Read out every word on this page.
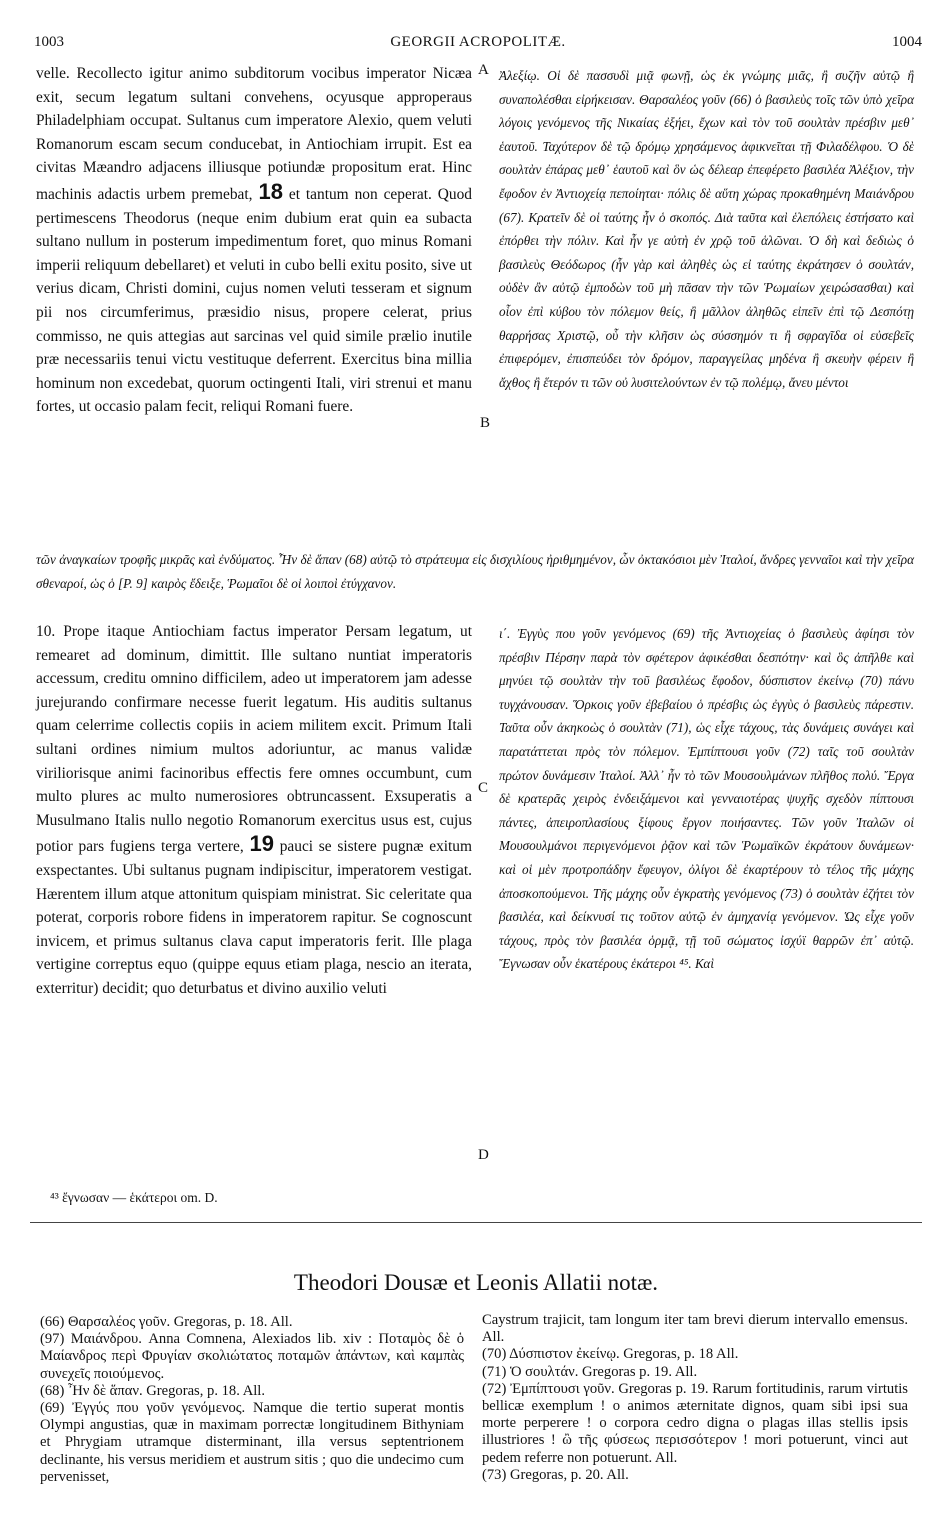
1003	GEORGII ACROPOLITÆ.	1004
velle. Recollecto igitur animo subditorum vocibus imperator Nicæa exit, secum legatum sultani convehens, ocyusque approperaus Philadelphiam occupat. Sultanus cum imperatore Alexio, quem veluti Romanorum escam secum conducebat, in Antiochiam irrupit. Est ea civitas Mæandro adjacens illiusque potiundæ propositum erat. Hinc machinis adactis urbem premebat, 18 et tantum non ceperat. Quod pertimescens Theodorus (neque enim dubium erat quin ea subacta sultano nullum in posterum impedimentum foret, quo minus Romani imperii reliquum debellaret) et veluti in cubo belli exitu posito, sive ut verius dicam, Christi domini, cujus nomen veluti tesseram et signum pii nos circumferimus, præsidio nisus, propere celerat, prius commisso, ne quis attegias aut sarcinas vel quid simile prælio inutile præ necessariis tenui victu vestituque deferrent. Exercitus bina millia hominum non excedebat, quorum octingenti Itali, viri strenui et manu fortes, ut occasio palam fecit, reliqui Romani fuere.
Ἀλεξίῳ. Οἱ δὲ πασσυδὶ μιᾷ φωνῇ, ὡς ἐκ γνώμης μιᾶς, ἢ συζῆν αὐτῷ ἢ συναπολέσθαι εἰρήκεισαν. Θαρσαλέος γοῦν (66) ὁ βασιλεὺς τοῖς τῶν ὑπὸ χεῖρα λόγοις γενόμενος τῆς Νικαίας ἐξήει, ἔχων καὶ τὸν τοῦ σουλτὰν πρέσβιν μεθ᾽ ἑαυτοῦ. Ταχύτερον δὲ τῷ δρόμῳ χρησάμενος ἀφικνεῖται τῇ Φιλαδέλφου. Ὁ δὲ σουλτὰν ἐπάρας μεθ᾽ ἑαυτοῦ καὶ ὃν ὡς δέλεαρ ἐπεφέρετο βασιλέα Ἀλέξιον, τὴν ἔφοδον ἐν Ἀντιοχείᾳ πεποίηται· πόλις δὲ αὕτη χώρας προκαθημένη Μαιάνδρου (67). Κρατεῖν δὲ οἱ ταύτης ἦν ὁ σκοπός. Διὰ ταῦτα καὶ ἑλεπόλεις ἐστήσατο καὶ ἐπόρθει τὴν πόλιν. Καὶ ἦν γε αὐτὴ ἐν χρῷ τοῦ ἁλῶναι. Ὁ δὴ καὶ δεδιὼς ὁ βασιλεὺς Θεόδωρος (ἦν γὰρ καὶ ἀληθὲς ὡς εἰ ταύτης ἐκράτησεν ὁ σουλτάν, οὐδὲν ἂν αὐτῷ ἐμποδὼν τοῦ μὴ πᾶσαν τὴν τῶν Ῥωμαίων χειρώσασθαι) καὶ οἷον ἐπὶ κύβου τὸν πόλεμον θείς, ἢ μᾶλλον ἀληθῶς εἰπεῖν ἐπὶ τῷ Δεσπότῃ θαρρήσας Χριστῷ, οὗ τὴν κλῆσιν ὡς σύσσημόν τι ἢ σφραγῖδα οἱ εὐσεβεῖς ἐπιφερόμεν, ἐπισπεύδει τὸν δρόμον, παραγγείλας μηδένα ἢ σκευὴν φέρειν ἢ ἄχθος ἢ ἕτερόν τι τῶν οὐ λυσιτελούντων ἐν τῷ πολέμῳ, ἄνευ μέντοι
τῶν ἀναγκαίων τροφῆς μικρᾶς καὶ ἐνδύματος. Ἦν δὲ ἅπαν (68) αὐτῷ τὸ στράτευμα εἰς δισχιλίους ἠριθμημένον, ὧν ὀκτακόσιοι μὲν Ἰταλοί, ἄνδρες γενναῖοι καὶ τὴν χεῖρα σθεναροί, ὡς ὁ [P. 9] καιρὸς ἔδειξε, Ῥωμαῖοι δὲ οἱ λοιποὶ ἐτύγχανον.
10. Prope itaque Antiochiam factus imperator Persam legatum, ut remearet ad dominum, dimittit. Ille sultano nuntiat imperatoris accessum, creditu omnino difficilem, adeo ut imperatorem jam adesse jurejurando confirmare necesse fuerit legatum. His auditis sultanus quam celerrime collectis copiis in aciem militem excit. Primum Itali sultani ordines nimium multos adoriuntur, ac manus validæ viriliorisque animi facinoribus effectis fere omnes occumbunt, cum multo plures ac multo numerosiores obtruncassent. Exsuperatis a Musulmano Italis nullo negotio Romanorum exercitus usus est, cujus potior pars fugiens terga vertere, 19 pauci se sistere pugnæ exitum exspectantes. Ubi sultanus pugnam indipiscitur, imperatorem vestigat. Hærentem illum atque attonitum quispiam ministrat. Sic celeritate qua poterat, corporis robore fidens in imperatorem rapitur. Se cognoscunt invicem, et primus sultanus clava caput imperatoris ferit. Ille plaga vertigine correptus equo (quippe equus etiam plaga, nescio an iterata, exterritur) decidit; quo deturbatus et divino auxilio veluti
ι΄. Ἐγγὺς που γοῦν γενόμενος (69) τῆς Ἀντιοχείας ὁ βασιλεὺς ἀφίησι τὸν πρέσβιν Πέρσην παρὰ τὸν σφέτερον ἀφικέσθαι δεσπότην· καὶ ὃς ἀπῆλθε καὶ μηνύει τῷ σουλτὰν τὴν τοῦ βασιλέως ἔφοδον, δύσπιστον ἐκείνῳ (70) πάνυ τυγχάνουσαν. Ὅρκοις γοῦν ἐβεβαίου ὁ πρέσβις ὡς ἐγγὺς ὁ βασιλεὺς πάρεστιν. Ταῦτα οὖν ἀκηκοὼς ὁ σουλτὰν (71), ὡς εἶχε τάχους, τὰς δυνάμεις συνάγει καὶ παρατάττεται πρὸς τὸν πόλεμον. Ἐμπίπτουσι γοῦν (72) ταῖς τοῦ σουλτὰν πρώτον δυνάμεσιν Ἰταλοί. Ἀλλ᾽ ἦν τὸ τῶν Μουσουλμάνων πλῆθος πολύ. Ἔργα δὲ κρατερᾶς χειρὸς ἐνδειξάμενοι καὶ γενναιοτέρας ψυχῆς σχεδὸν πίπτουσι πάντες, ἀπειροπλασίους ξίφους ἔργον ποιήσαντες. Τῶν γοῦν Ἰταλῶν οἱ Μουσουλμάνοι περιγενόμενοι ῥᾷον καὶ τῶν Ῥωμαϊκῶν ἐκράτουν δυνάμεων· καὶ οἱ μὲν προτροπάδην ἔφευγον, ὀλίγοι δὲ ἐκαρτέρουν τὸ τέλος τῆς μάχης ἀποσκοπούμενοι. Τῆς μάχης οὖν ἐγκρατὴς γενόμενος (73) ὁ σουλτὰν ἐζήτει τὸν βασιλέα, καὶ δείκνυσί τις τοῦτον αὐτῷ ἐν ἀμηχανίᾳ γενόμενον. Ὡς εἶχε γοῦν τάχους, πρὸς τὸν βασιλέα ὁρμᾷ, τῇ τοῦ σώματος ἰσχύϊ θαρρῶν ἐπ᾽ αὐτῷ. Ἔγνωσαν οὖν ἑκατέρους ἑκάτεροι ⁴⁵. Καὶ
A
B
C
D
⁴³ ἔγνωσαν — ἑκάτεροι om. D.
Theodori Dousæ et Leonis Allatii notæ.

(66) Θαρσαλέος γοῦν. Gregoras, p. 18. All.

(97) Μαιάνδρου. Anna Comnena, Alexiados lib. xiv : Ποταμὸς δὲ ὁ Μαίανδρος περὶ Φρυγίαν σκολιώτατος ποταμῶν ἁπάντων, καὶ καμπὰς συνεχεῖς ποιούμενος.

(68) Ἦν δὲ ἅπαν. Gregoras, p. 18. All.

(69) Ἐγγύς που γοῦν γενόμενος. Namque die tertio superat montis Olympi angustias, quæ in maximam porrectæ longitudinem Bithyniam et Phrygiam utramque disterminant, illa versus septentrionem declinante, his versus meridiem et austrum sitis ; quo die undecimo cum pervenisset,

Caystrum trajicit, tam longum iter tam brevi dierum intervallo emensus. All.

(70) Δύσπιστον ἐκείνῳ. Gregoras, p. 18 All.

(71) Ὁ σουλτάν. Gregoras p. 19. All.

(72) Ἐμπίπτουσι γοῦν. Gregoras p. 19. Rarum fortitudinis, rarum virtutis bellicæ exemplum ! o animos æternitate dignos, quam sibi ipsi sua morte perperere ! o corpora cedro digna o plagas illas stellis ipsis illustriores ! ὢ τῆς φύσεως περισσότερον ! mori potuerunt, vinci aut pedem referre non potuerunt. All.

(73) Gregoras, p. 20. All.
